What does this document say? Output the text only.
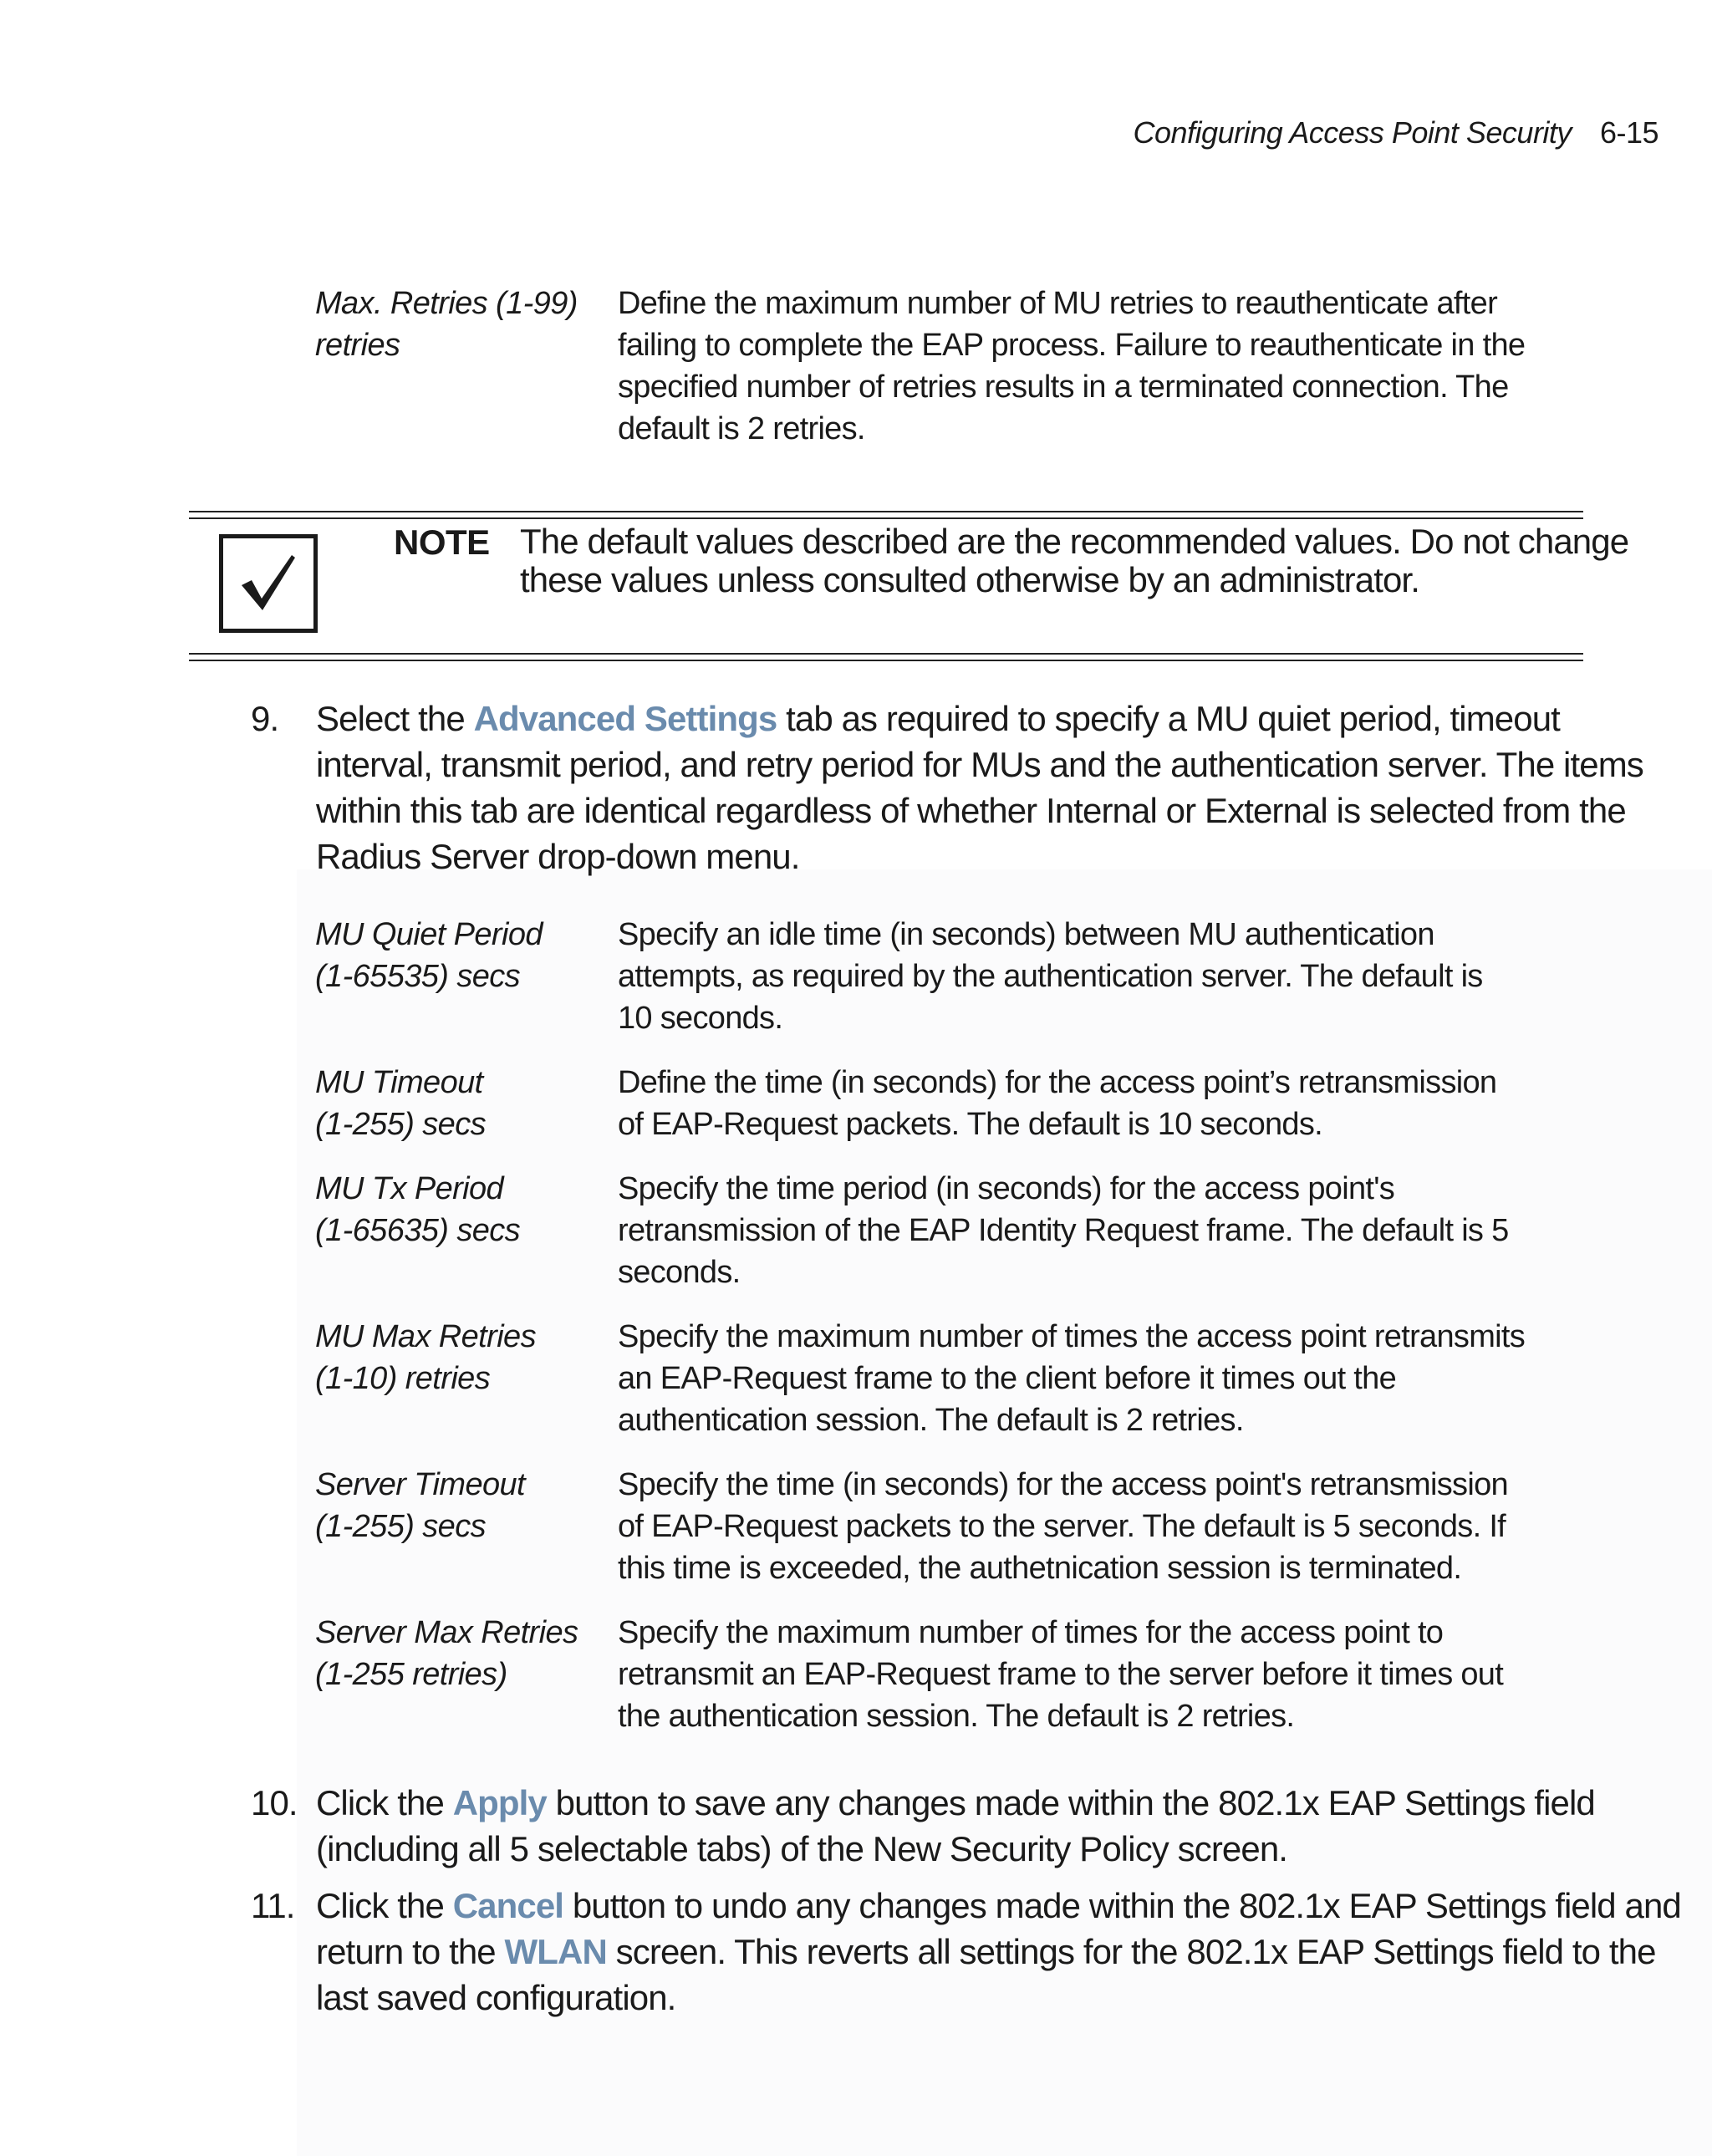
Configuring Access Point Security 6-15
Max. Retries (1-99)
retries
Define the maximum number of MU retries to reauthenticate after
failing to complete the EAP process. Failure to reauthenticate in the
specified number of retries results in a terminated connection. The
default is 2 retries.
NOTE The default values described are the recommended values. Do not change
these values unless consulted otherwise by an administrator.
9.	Select the Advanced Settings tab as required to specify a MU quiet period, timeout
interval, transmit period, and retry period for MUs and the authentication server. The items
within this tab are identical regardless of whether Internal or External is selected from the
Radius Server drop-down menu.
MU Quiet Period
(1-65535) secs
Specify an idle time (in seconds) between MU authentication
attempts, as required by the authentication server. The default is
10 seconds.
MU Timeout
(1-255) secs
Define the time (in seconds) for the access point’s retransmission
of EAP-Request packets. The default is 10 seconds.
MU Tx Period
(1-65635) secs
Specify the time period (in seconds) for the access point's
retransmission of the EAP Identity Request frame. The default is 5
seconds.
MU Max Retries
(1-10) retries
Specify the maximum number of times the access point retransmits
an EAP-Request frame to the client before it times out the
authentication session. The default is 2 retries.
Server Timeout
(1-255) secs
Specify the time (in seconds) for the access point's retransmission
of EAP-Request packets to the server. The default is 5 seconds. If
this time is exceeded, the authetnication session is terminated.
Server Max Retries
(1-255 retries)
Specify the maximum number of times for the access point to
retransmit an EAP-Request frame to the server before it times out
the authentication session. The default is 2 retries.
10. Click the Apply button to save any changes made within the 802.1x EAP Settings field
(including all 5 selectable tabs) of the New Security Policy screen.
11. Click the Cancel button to undo any changes made within the 802.1x EAP Settings field and
return to the WLAN screen. This reverts all settings for the 802.1x EAP Settings field to the
last saved configuration.
